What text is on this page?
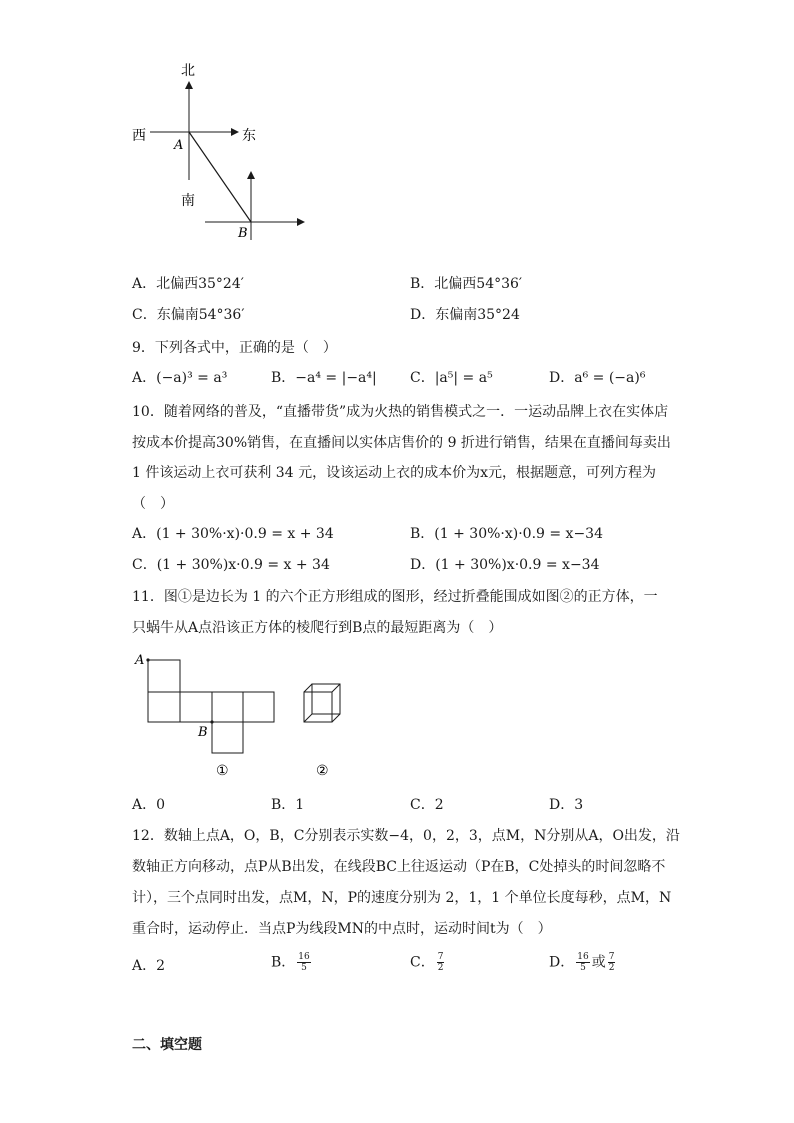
北
西	东
南
A
B
A．北偏西35°24′	B．北偏西54°36′
C．东偏南54°36′	D．东偏南35°24
9．下列各式中，正确的是（　）
A．(−a)³ = a³	B．−a⁴ = |−a⁴| C．|a⁵| = a⁵	D．a⁶ = (−a)⁶
10．随着网络的普及，“直播带货”成为火热的销售模式之一．一运动品牌上衣在实体店
按成本价提高30%销售，在直播间以实体店售价的 9 折进行销售，结果在直播间每卖出
1 件该运动上衣可获利 34 元，设该运动上衣的成本价为x元，根据题意，可列方程为
（　）
A．(1 + 30%·x)·0.9 = x + 34	B．(1 + 30%·x)·0.9 = x−34
C．(1 + 30%)x·0.9 = x + 34	D．(1 + 30%)x·0.9 = x−34
11．图①是边长为 1 的六个正方形组成的图形，经过折叠能围成如图②的正方体，一
只蜗牛从A点沿该正方体的棱爬行到B点的最短距离为（　）
A
B
①	②
A．0	B．1	C．2	D．3
12．数轴上点A，O，B，C分别表示实数−4，0，2，3，点M，N分别从A，O出发，沿
数轴正方向移动，点P从B出发，在线段BC上往返运动（P在B，C处掉头的时间忽略不
计），三个点同时出发，点M，N，P的速度分别为 2，1，1 个单位长度每秒，点M，N
重合时，运动停止．当点P为线段MN的中点时，运动时间t为（　）
A．2	B． $\frac{16}{5}$	C． $\frac{7}{2}$	D． $\frac{16}{5}$ 或 $\frac{7}{2}$
二、填空题
